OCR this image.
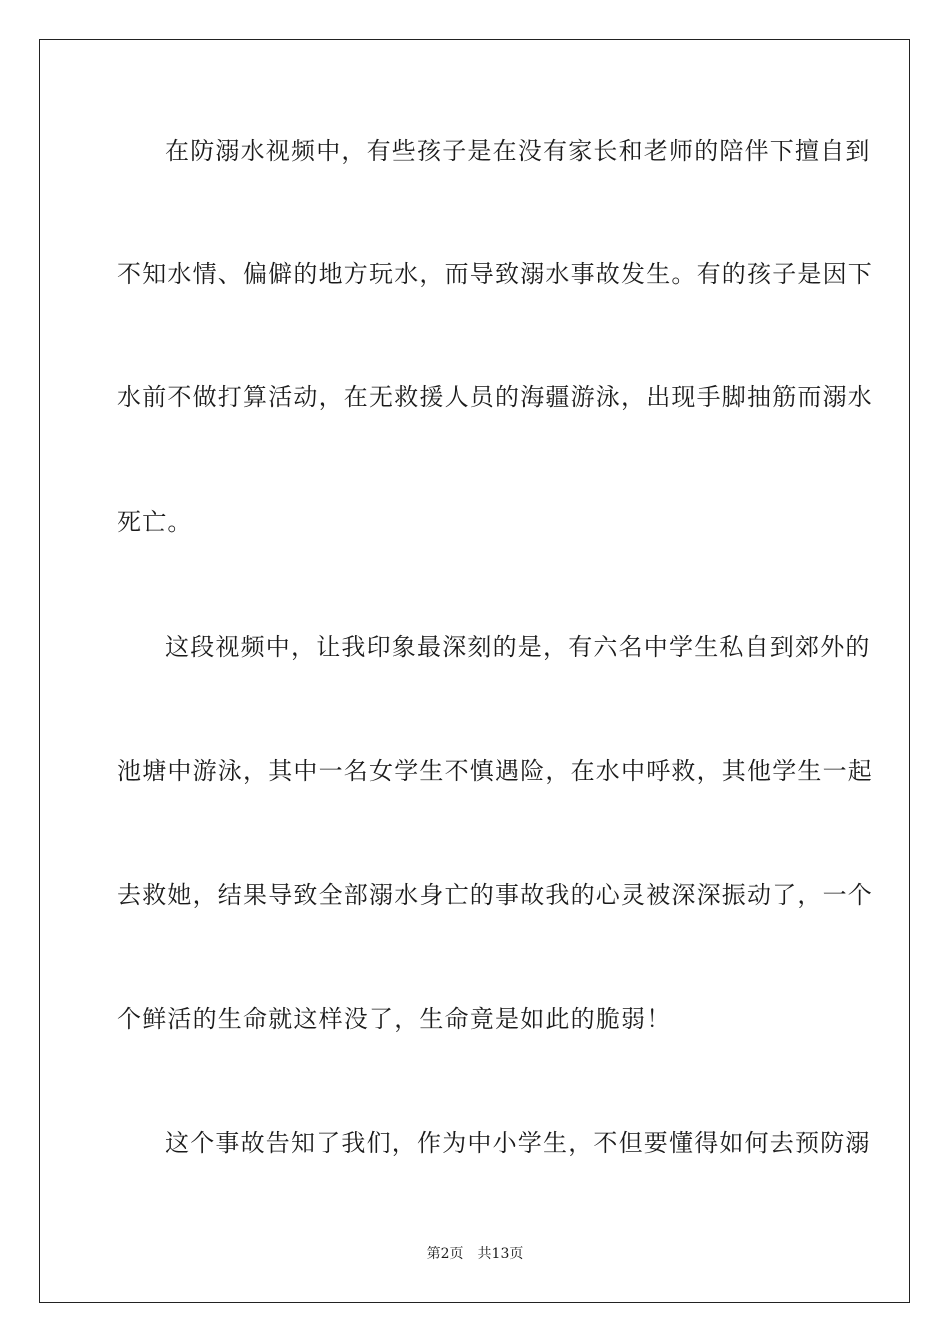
在防溺水视频中，有些孩子是在没有家长和老师的陪伴下擅自到
不知水情、偏僻的地方玩水，而导致溺水事故发生。有的孩子是因下
水前不做打算活动，在无救援人员的海疆游泳，出现手脚抽筋而溺水
死亡。
这段视频中，让我印象最深刻的是，有六名中学生私自到郊外的
池塘中游泳，其中一名女学生不慎遇险，在水中呼救，其他学生一起
去救她，结果导致全部溺水身亡的事故我的心灵被深深振动了，一个
个鲜活的生命就这样没了，生命竟是如此的脆弱！
这个事故告知了我们，作为中小学生，不但要懂得如何去预防溺
第2页 共13页
